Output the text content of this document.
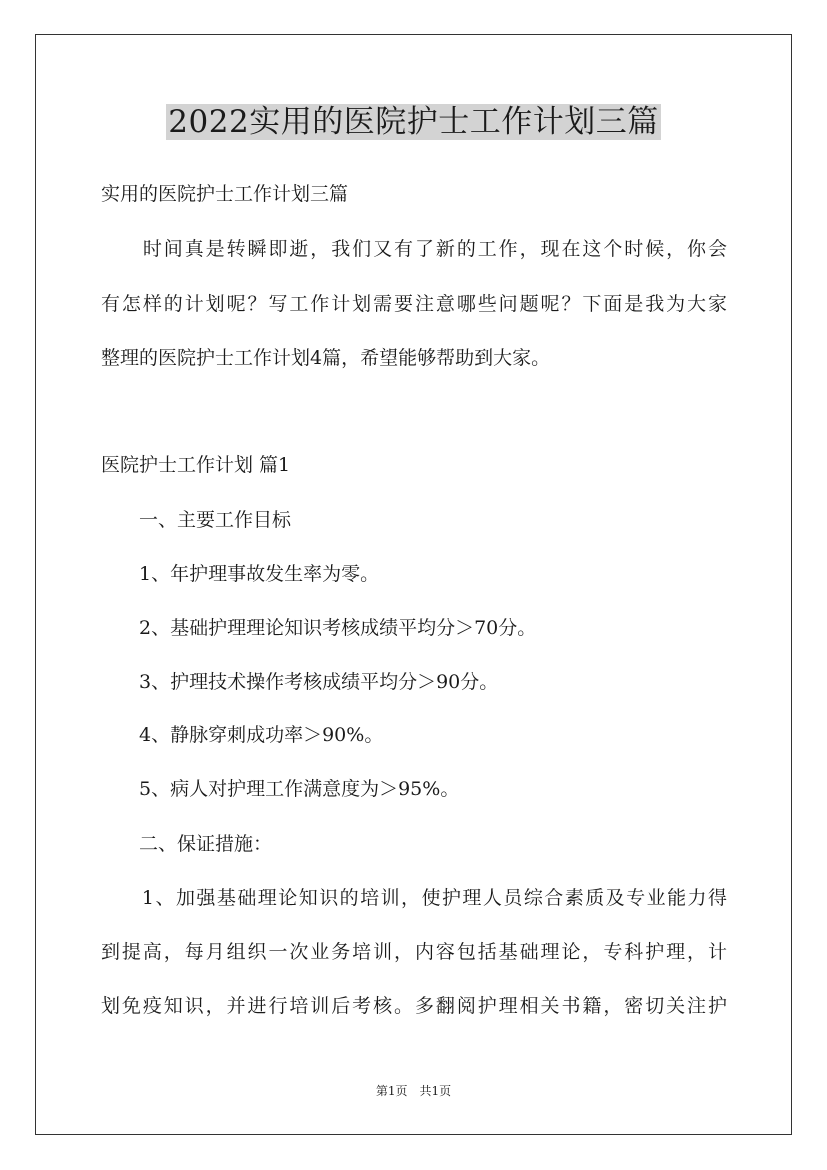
2022实用的医院护士工作计划三篇

实用的医院护士工作计划三篇

　　时间真是转瞬即逝，我们又有了新的工作，现在这个时候，你会

有怎样的计划呢？写工作计划需要注意哪些问题呢？下面是我为大家

整理的医院护士工作计划4篇，希望能够帮助到大家。

医院护士工作计划 篇1

　　一、主要工作目标

　　1、年护理事故发生率为零。

　　2、基础护理理论知识考核成绩平均分＞70分。

　　3、护理技术操作考核成绩平均分＞90分。

　　4、静脉穿刺成功率＞90%。

　　5、病人对护理工作满意度为＞95%。

　　二、保证措施：

　　1、加强基础理论知识的培训，使护理人员综合素质及专业能力得

到提高，每月组织一次业务培训，内容包括基础理论，专科护理，计

划免疫知识，并进行培训后考核。多翻阅护理相关书籍，密切关注护

第1页　共1页
